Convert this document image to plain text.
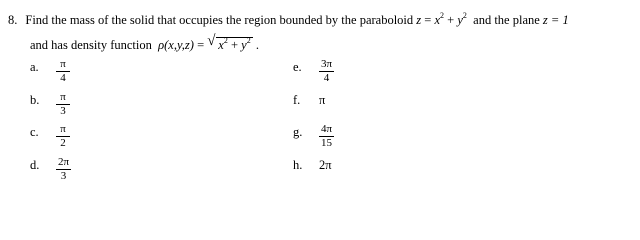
8. Find the mass of the solid that occupies the region bounded by the paraboloid $z = x^2 + y^2$ and the plane z = 1
and has density function ρ(x,y,z) = √ $x^2 + y^2$ .
a.	$\frac{\pi}{4}$
b.	$\frac{\pi}{3}$
c.	$\frac{\pi}{2}$
d.	$\frac{2\pi}{3}$
e.	$\frac{3\pi}{4}$
f.	π
g.	$\frac{4\pi}{15}$
h.	2π
